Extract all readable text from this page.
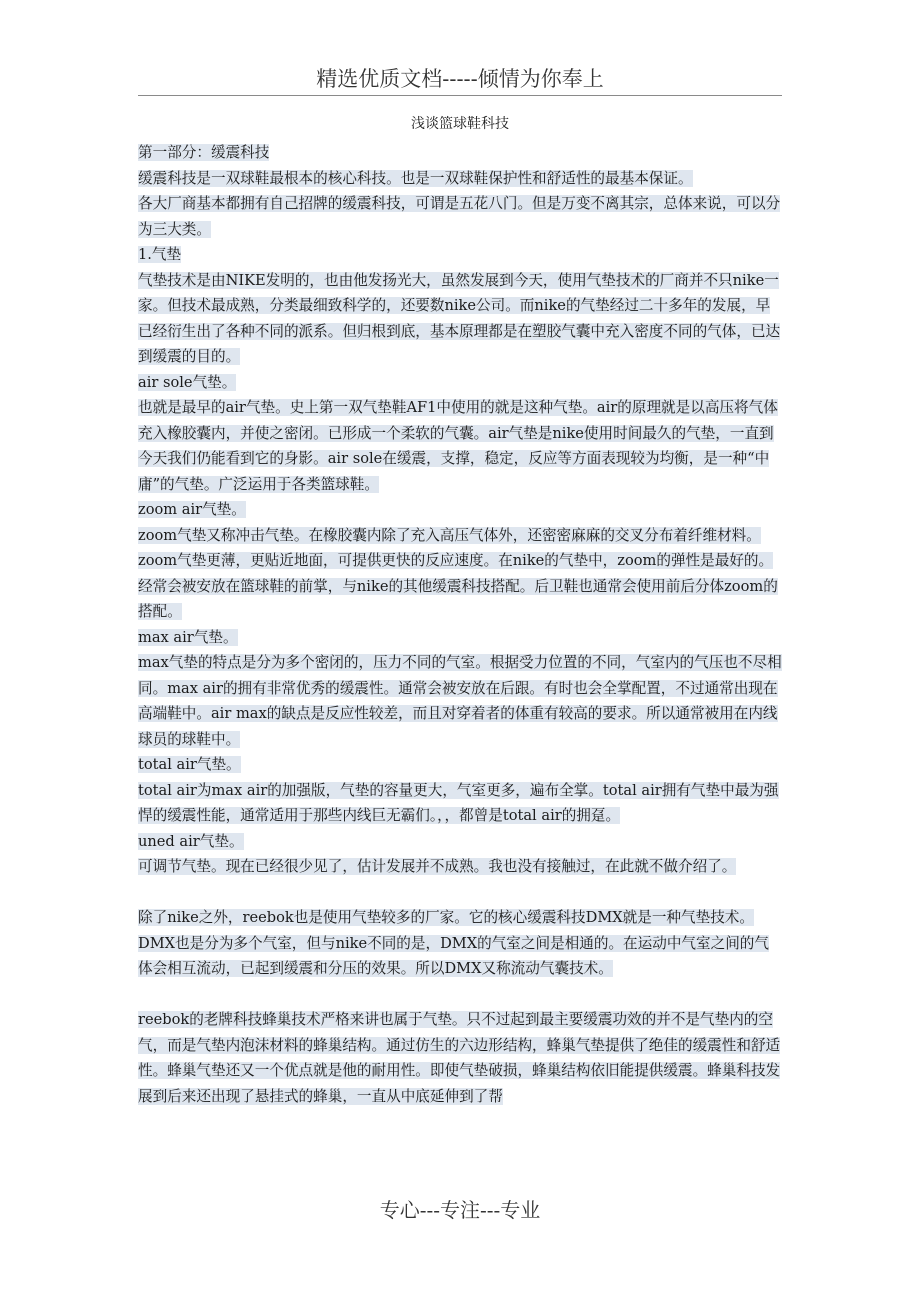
精选优质文档-----倾情为你奉上
浅谈篮球鞋科技

第一部分：缓震科技

缓震科技是一双球鞋最根本的核心科技。也是一双球鞋保护性和舒适性的最基本保证。

各大厂商基本都拥有自己招牌的缓震科技，可谓是五花八门。但是万变不离其宗，总体来说，可以分为三大类。

1.气垫

气垫技术是由NIKE发明的，也由他发扬光大，虽然发展到今天，使用气垫技术的厂商并不只nike一家。但技术最成熟，分类最细致科学的，还要数nike公司。而nike的气垫经过二十多年的发展，早已经衍生出了各种不同的派系。但归根到底，基本原理都是在塑胶气囊中充入密度不同的气体，已达到缓震的目的。

air sole气垫。

也就是最早的air气垫。史上第一双气垫鞋AF1中使用的就是这种气垫。air的原理就是以高压将气体充入橡胶囊内，并使之密闭。已形成一个柔软的气囊。air气垫是nike使用时间最久的气垫，一直到今天我们仍能看到它的身影。air sole在缓震，支撑，稳定，反应等方面表现较为均衡，是一种“中庸”的气垫。广泛运用于各类篮球鞋。

zoom air气垫。

zoom气垫又称冲击气垫。在橡胶囊内除了充入高压气体外，还密密麻麻的交叉分布着纤维材料。zoom气垫更薄，更贴近地面，可提供更快的反应速度。在nike的气垫中，zoom的弹性是最好的。经常会被安放在篮球鞋的前掌，与nike的其他缓震科技搭配。后卫鞋也通常会使用前后分体zoom的搭配。

max air气垫。

max气垫的特点是分为多个密闭的，压力不同的气室。根据受力位置的不同，气室内的气压也不尽相同。max air的拥有非常优秀的缓震性。通常会被安放在后跟。有时也会全掌配置，不过通常出现在高端鞋中。air max的缺点是反应性较差，而且对穿着者的体重有较高的要求。所以通常被用在内线球员的球鞋中。

total air气垫。

total air为max air的加强版，气垫的容量更大，气室更多，遍布全掌。total air拥有气垫中最为强悍的缓震性能，通常适用于那些内线巨无霸们。，，都曾是total air的拥趸。

uned air气垫。

可调节气垫。现在已经很少见了，估计发展并不成熟。我也没有接触过，在此就不做介绍了。

除了nike之外，reebok也是使用气垫较多的厂家。它的核心缓震科技DMX就是一种气垫技术。

DMX也是分为多个气室，但与nike不同的是，DMX的气室之间是相通的。在运动中气室之间的气体会相互流动，已起到缓震和分压的效果。所以DMX又称流动气囊技术。

reebok的老牌科技蜂巢技术严格来讲也属于气垫。只不过起到最主要缓震功效的并不是气垫内的空气，而是气垫内泡沫材料的蜂巢结构。通过仿生的六边形结构，蜂巢气垫提供了绝佳的缓震性和舒适性。蜂巢气垫还又一个优点就是他的耐用性。即使气垫破损，蜂巢结构依旧能提供缓震。蜂巢科技发展到后来还出现了悬挂式的蜂巢，一直从中底延伸到了帮

专心---专注---专业
